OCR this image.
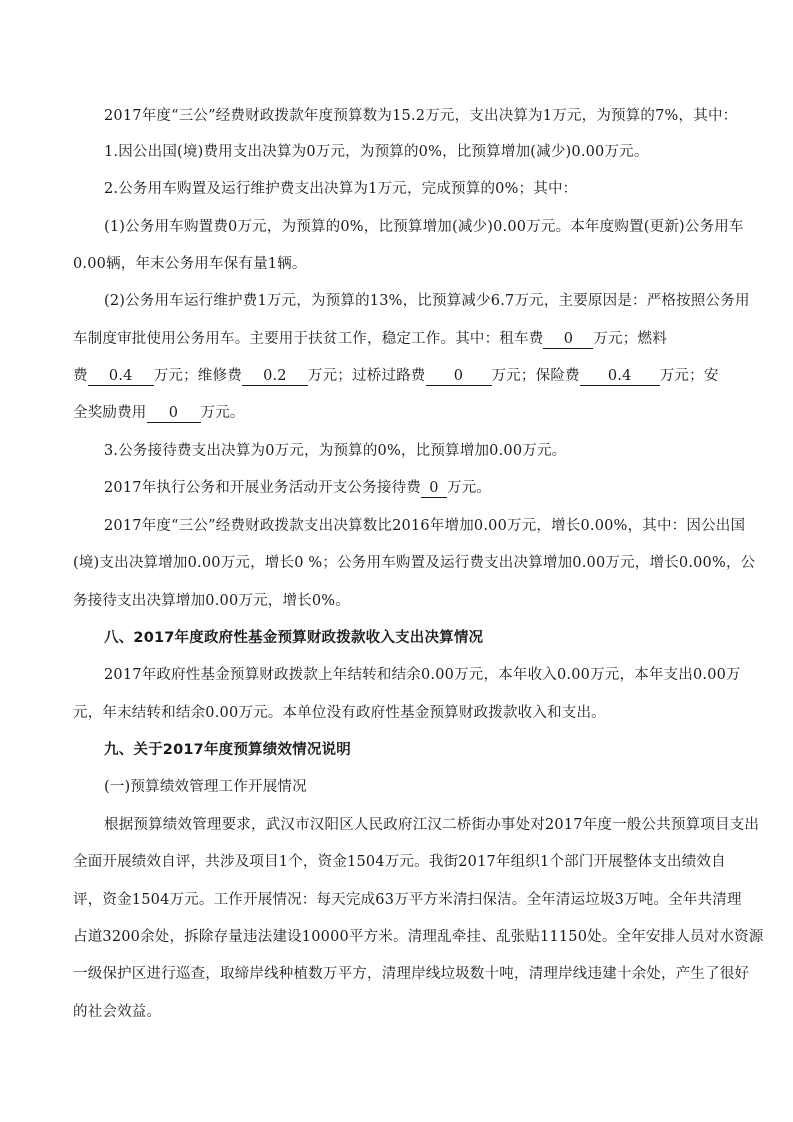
2017年度“三公”经费财政拨款年度预算数为15.2万元，支出决算为1万元，为预算的7%，其中：
1.因公出国(境)费用支出决算为0万元，为预算的0%，比预算增加(减少)0.00万元。
2.公务用车购置及运行维护费支出决算为1万元，完成预算的0%；其中：
(1)公务用车购置费0万元，为预算的0%，比预算增加(减少)0.00万元。本年度购置(更新)公务用车
0.00辆，年末公务用车保有量1辆。
(2)公务用车运行维护费1万元，为预算的13%，比预算减少6.7万元，主要原因是：严格按照公务用
车制度审批使用公务用车。主要用于扶贫工作，稳定工作。其中：租车费 0 万元；燃料
费 0.4 万元；维修费 0.2 万元；过桥过路费 0 万元；保险费 0.4 万元；安
全奖励费用 0 万元。
3.公务接待费支出决算为0万元，为预算的0%，比预算增加0.00万元。
2017年执行公务和开展业务活动开支公务接待费 0 万元。
2017年度“三公”经费财政拨款支出决算数比2016年增加0.00万元，增长0.00%，其中：因公出国
(境)支出决算增加0.00万元，增长0 %；公务用车购置及运行费支出决算增加0.00万元，增长0.00%，公
务接待支出决算增加0.00万元，增长0%。
八、2017年度政府性基金预算财政拨款收入支出决算情况
2017年政府性基金预算财政拨款上年结转和结余0.00万元，本年收入0.00万元，本年支出0.00万
元，年末结转和结余0.00万元。本单位没有政府性基金预算财政拨款收入和支出。
九、关于2017年度预算绩效情况说明
(一)预算绩效管理工作开展情况
根据预算绩效管理要求，武汉市汉阳区人民政府江汉二桥街办事处对2017年度一般公共预算项目支出
全面开展绩效自评，共涉及项目1个，资金1504万元。我街2017年组织1个部门开展整体支出绩效自
评，资金1504万元。工作开展情况：每天完成63万平方米清扫保洁。全年清运垃圾3万吨。全年共清理
占道3200余处，拆除存量违法建设10000平方米。清理乱牵挂、乱张贴11150处。全年安排人员对水资源
一级保护区进行巡查，取缔岸线种植数万平方，清理岸线垃圾数十吨，清理岸线违建十余处，产生了很好
的社会效益。
